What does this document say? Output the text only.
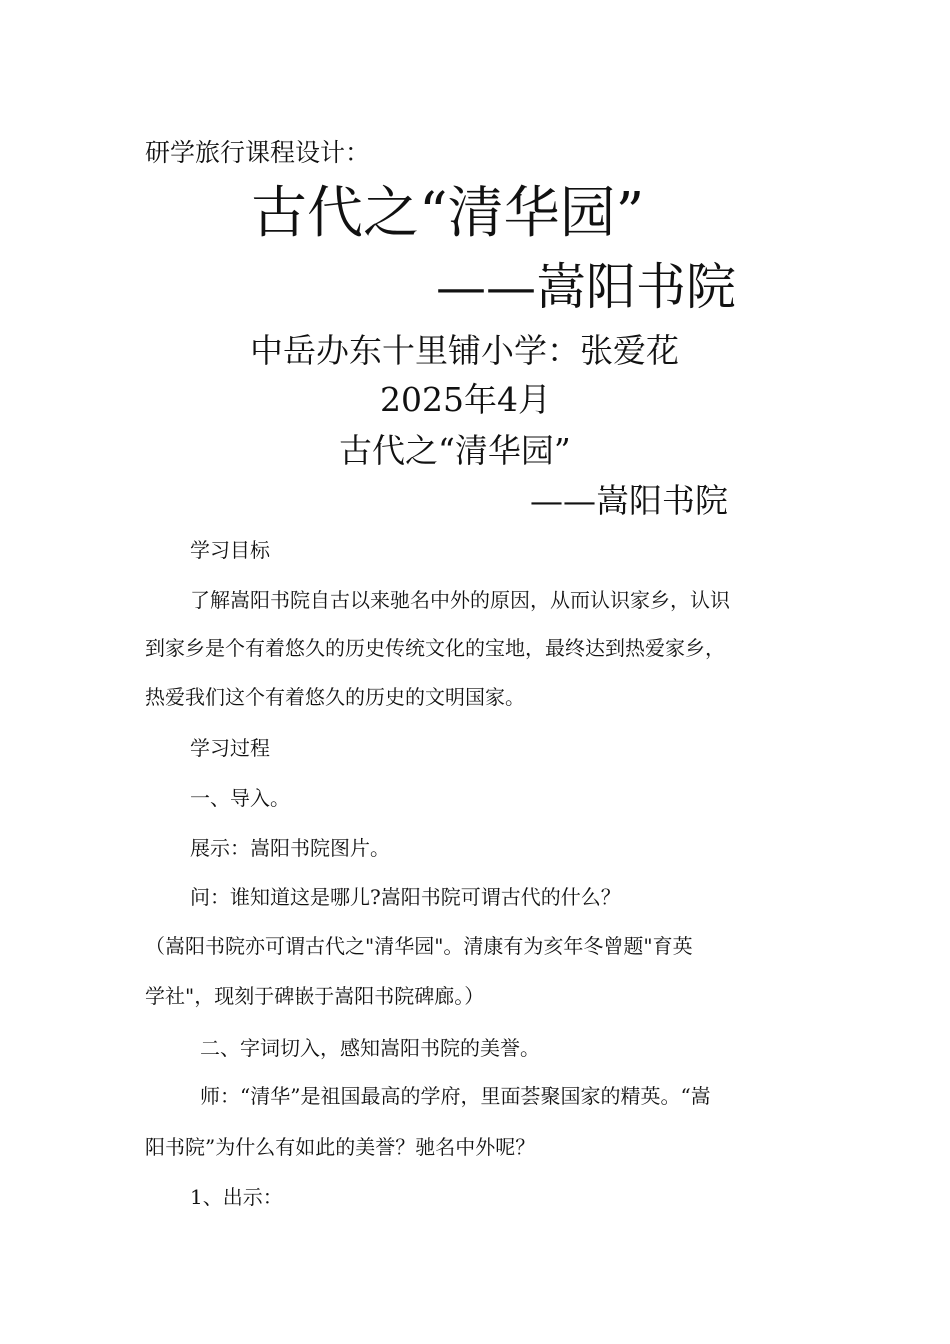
研学旅行课程设计：

古代之“清华园”

——嵩阳书院

中岳办东十里铺小学：张爱花

2025年4月

古代之“清华园”

——嵩阳书院

学习目标

了解嵩阳书院自古以来驰名中外的原因，从而认识家乡，认识

到家乡是个有着悠久的历史传统文化的宝地，最终达到热爱家乡，

热爱我们这个有着悠久的历史的文明国家。

学习过程

一、导入。

展示：嵩阳书院图片。

问：谁知道这是哪儿?嵩阳书院可谓古代的什么？

（嵩阳书院亦可谓古代之"清华园"。清康有为亥年冬曾题"育英

学社"，现刻于碑嵌于嵩阳书院碑廊。）

二、字词切入，感知嵩阳书院的美誉。

师：“清华”是祖国最高的学府，里面荟聚国家的精英。“嵩

阳书院”为什么有如此的美誉？驰名中外呢？

1、出示：
